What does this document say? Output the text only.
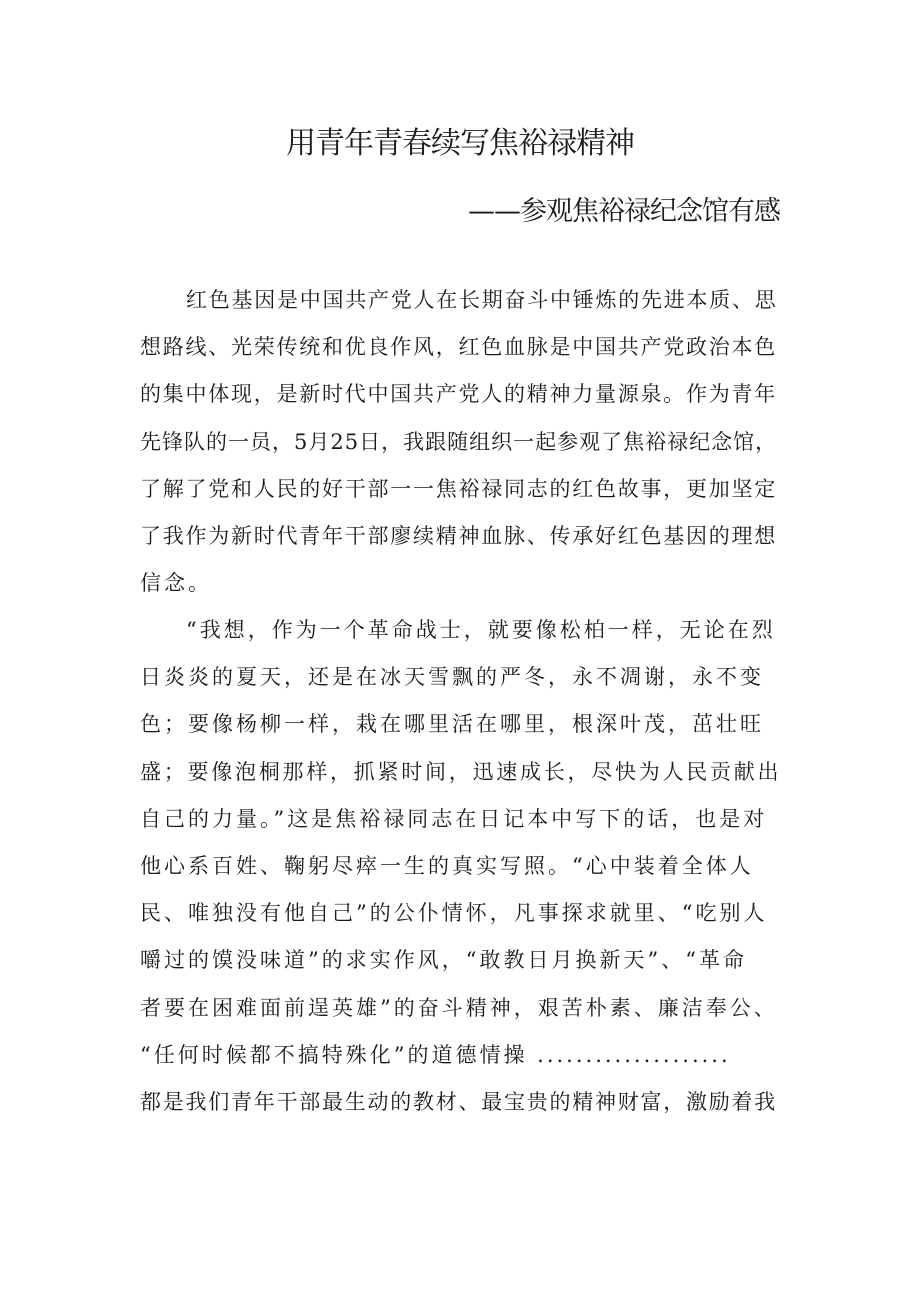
用青年青春续写焦裕禄精神
——参观焦裕禄纪念馆有感

红色基因是中国共产党人在长期奋斗中锤炼的先进本质、思
想路线、光荣传统和优良作风，红色血脉是中国共产党政治本色
的集中体现，是新时代中国共产党人的精神力量源泉。作为青年
先锋队的一员，5月25日，我跟随组织一起参观了焦裕禄纪念馆，
了解了党和人民的好干部一一焦裕禄同志的红色故事，更加坚定
了我作为新时代青年干部廖续精神血脉、传承好红色基因的理想
信念。

“我想，作为一个革命战士，就要像松柏一样，无论在烈
日炎炎的夏天，还是在冰天雪飘的严冬，永不凋谢，永不变
色；要像杨柳一样，栽在哪里活在哪里，根深叶茂，茁壮旺
盛；要像泡桐那样，抓紧时间，迅速成长，尽快为人民贡献出
自己的力量。”这是焦裕禄同志在日记本中写下的话，也是对
他心系百姓、鞠躬尽瘁一生的真实写照。“心中装着全体人
民、唯独没有他自己”的公仆情怀，凡事探求就里、“吃别人
嚼过的馍没味道”的求实作风，“敢教日月换新天”、“革命
者要在困难面前逞英雄”的奋斗精神，艰苦朴素、廉洁奉公、
“任何时候都不搞特殊化”的道德情操 ....................
都是我们青年干部最生动的教材、最宝贵的精神财富，激励着我
